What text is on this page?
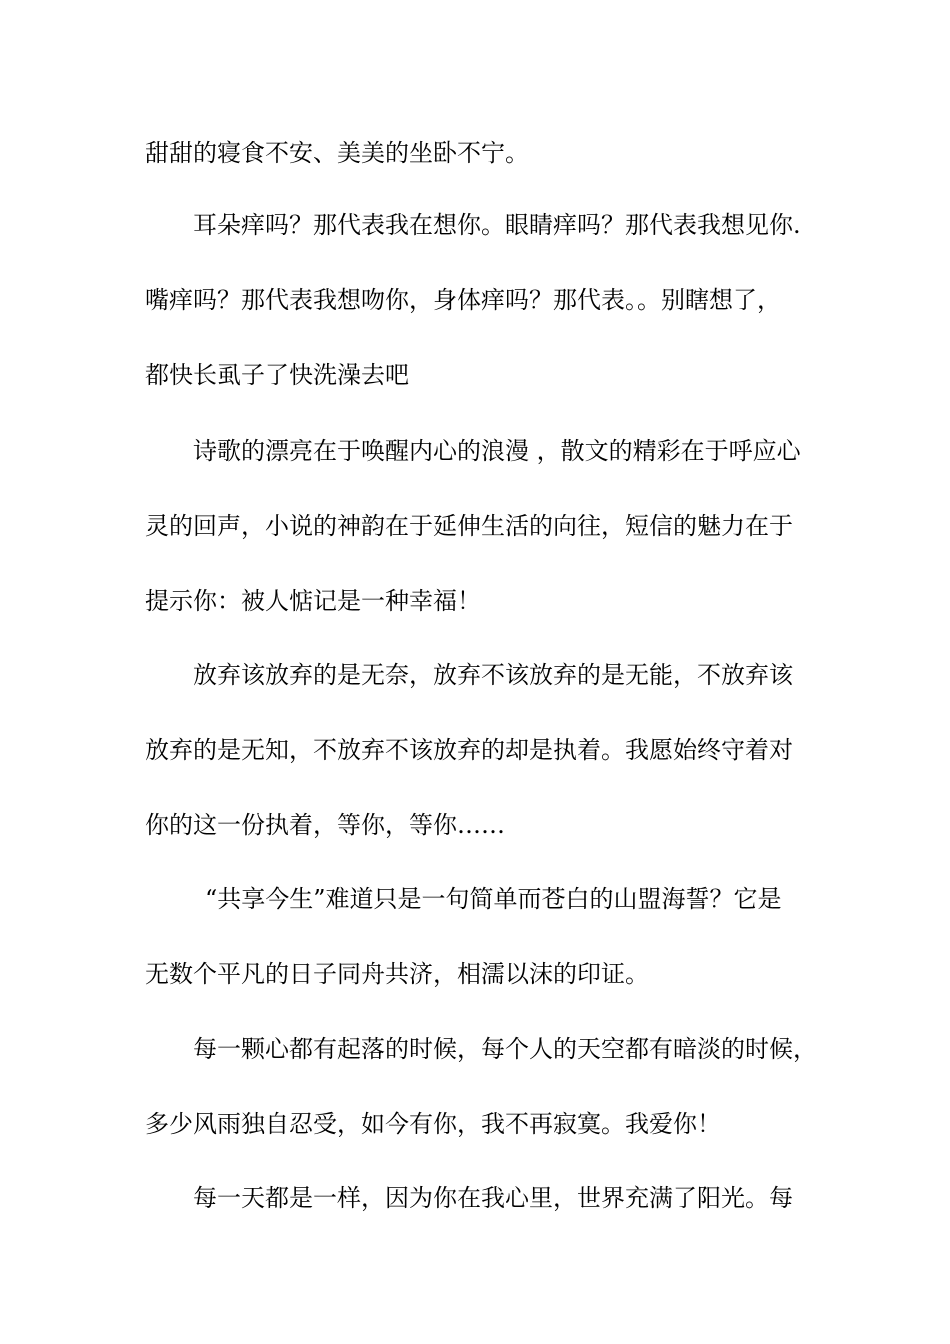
甜甜的寝食不安、美美的坐卧不宁。

耳朵痒吗？那代表我在想你。眼睛痒吗？那代表我想见你.

嘴痒吗？那代表我想吻你，身体痒吗？那代表。。别瞎想了，

都快长虱子了快洗澡去吧

诗歌的漂亮在于唤醒内心的浪漫 ，散文的精彩在于呼应心

灵的回声，小说的神韵在于延伸生活的向往，短信的魅力在于

提示你：被人惦记是一种幸福！

放弃该放弃的是无奈，放弃不该放弃的是无能，不放弃该

放弃的是无知，不放弃不该放弃的却是执着。我愿始终守着对

你的这一份执着，等你，等你……

“共享今生”难道只是一句简单而苍白的山盟海誓？它是

无数个平凡的日子同舟共济，相濡以沫的印证。

每一颗心都有起落的时候，每个人的天空都有暗淡的时候，

多少风雨独自忍受，如今有你，我不再寂寞。我爱你！

每一天都是一样，因为你在我心里，世界充满了阳光。每
